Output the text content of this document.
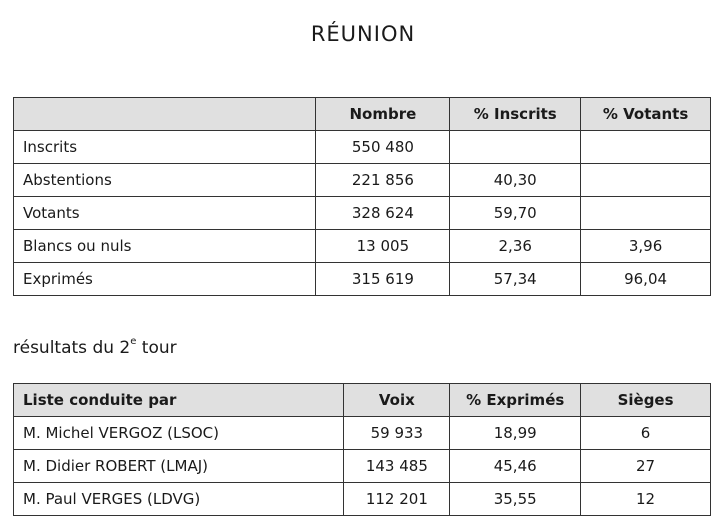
RÉUNION
	Nombre	% Inscrits	% Votants
Inscrits	550 480		
Abstentions	221 856	40,30	
Votants	328 624	59,70	
Blancs ou nuls	13 005	2,36	3,96
Exprimés	315 619	57,34	96,04
résultats du 2e tour
Liste conduite par	Voix	% Exprimés	Sièges
M. Michel VERGOZ (LSOC)	59 933	18,99	6
M. Didier ROBERT (LMAJ)	143 485	45,46	27
M. Paul VERGES (LDVG)	112 201	35,55	12
